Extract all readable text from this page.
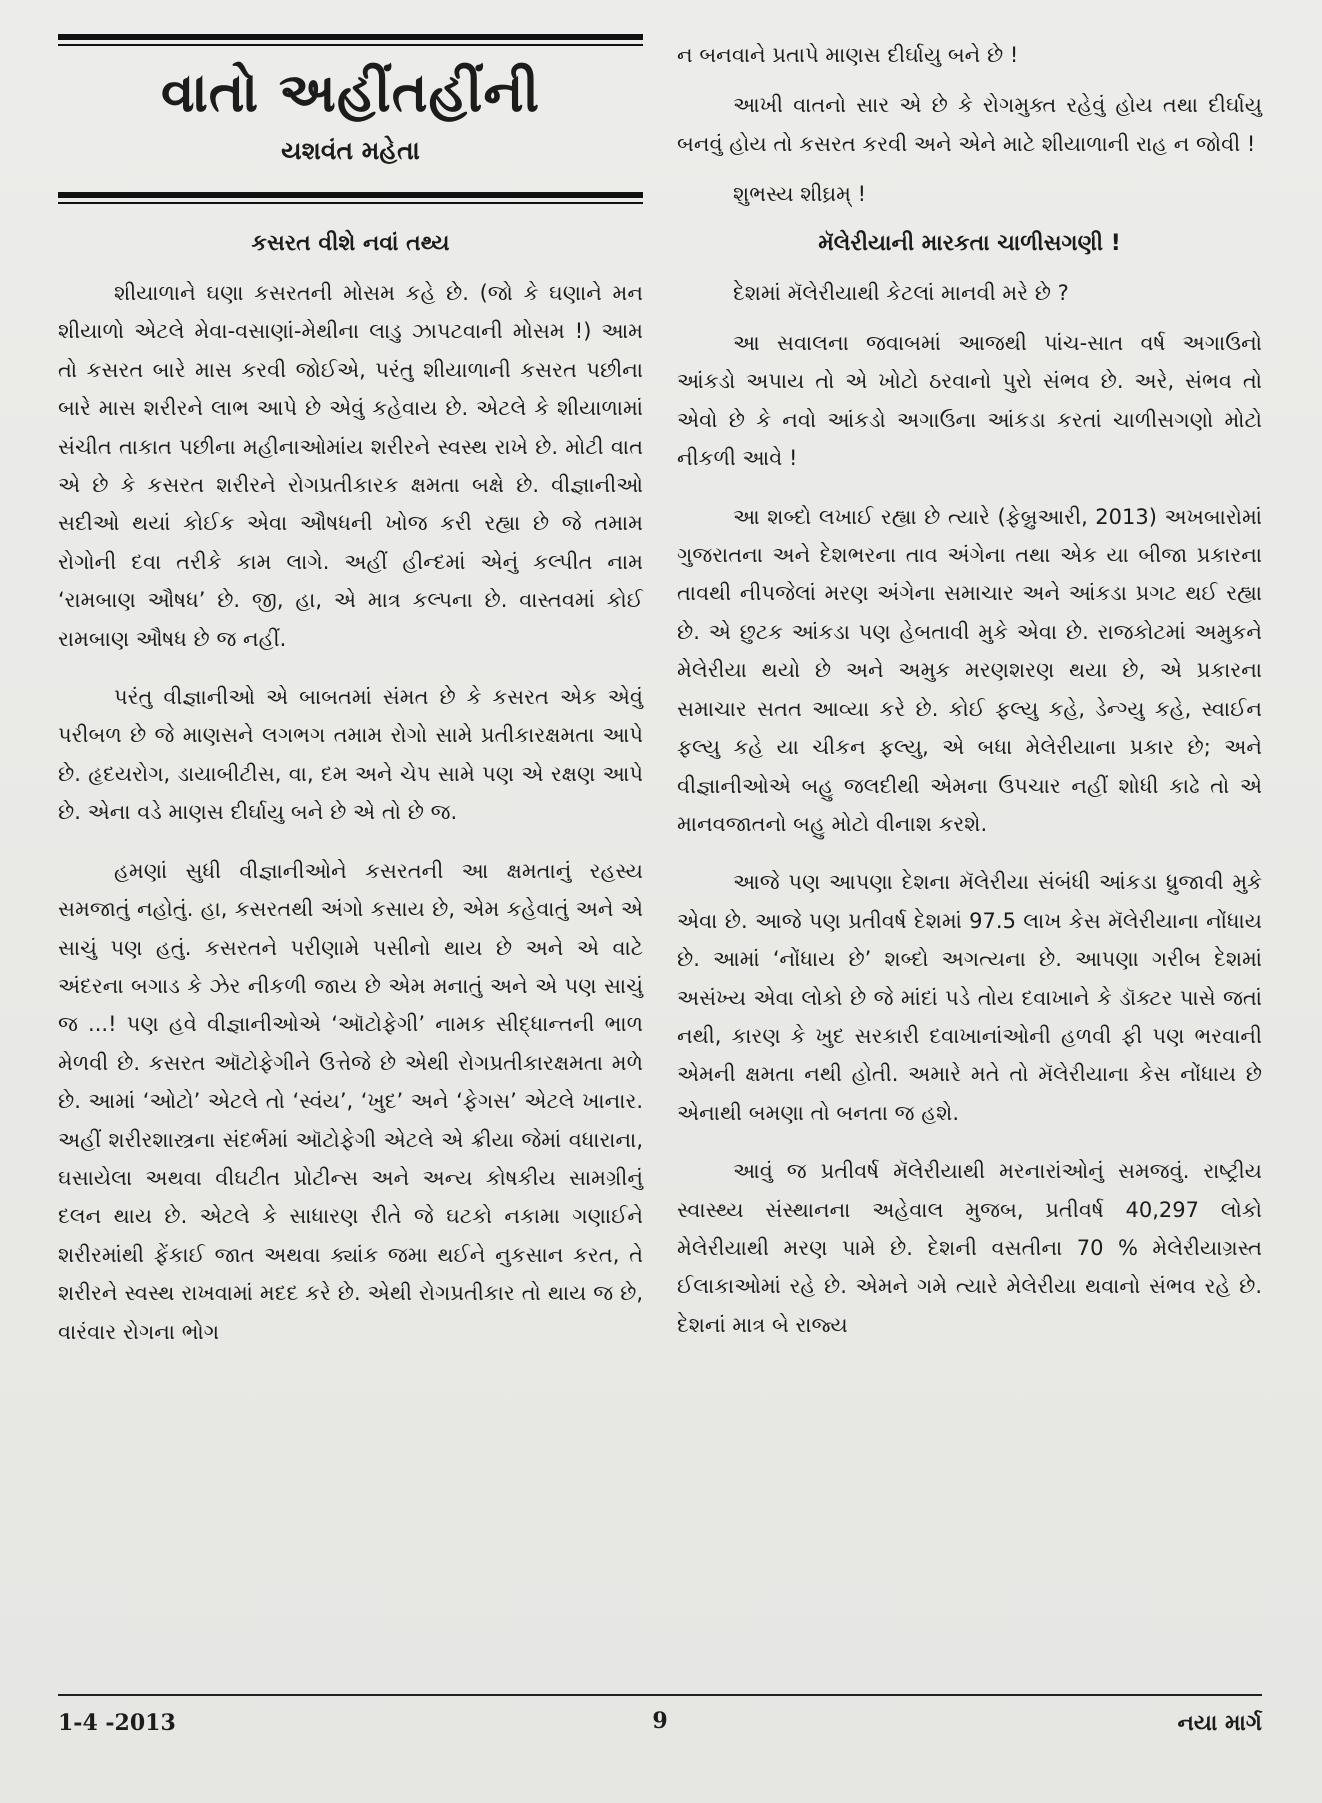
વાતો અહીંતહીંની
યશવંત મહેતા
કસરત વીશે નવાં તથ્ય

શીયાળાને ઘણા કસરતની મોસમ કહે છે. (જો કે ઘણાને મન શીયાળો એટલે મેવા-વસાણાં-મેથીના લાડુ ઝાપટવાની મોસમ !) આમ તો કસરત બારે માસ કરવી જોઈએ, પરંતુ શીયાળાની કસરત પછીના બારે માસ શરીરને લાભ આપે છે એવું કહેવાય છે. એટલે કે શીયાળામાં સંચીત તાકાત પછીના મહીનાઓમાંય શરીરને સ્વસ્થ રાખે છે. મોટી વાત એ છે કે કસરત શરીરને રોગપ્રતીકારક ક્ષમતા બક્ષે છે. વીજ્ઞાનીઓ સદીઓ થયાં કોઈક એવા ઔષધની ખોજ કરી રહ્યા છે જે તમામ રોગોની દવા તરીકે કામ લાગે. અહીં હીન્દમાં એનું કલ્પીત નામ ‘રામબાણ ઔષધ’ છે. જી, હા, એ માત્ર કલ્પના છે. વાસ્તવમાં કોઈ રામબાણ ઔષધ છે જ નહીં.

પરંતુ વીજ્ઞાનીઓ એ બાબતમાં સંમત છે કે કસરત એક એવું પરીબળ છે જે માણસને લગભગ તમામ રોગો સામે પ્રતીકારક્ષમતા આપે છે. હૃદયરોગ, ડાયાબીટીસ, વા, દમ અને ચેપ સામે પણ એ રક્ષણ આપે છે. એના વડે માણસ દીર્ઘાયુ બને છે એ તો છે જ.

હમણાં સુધી વીજ્ઞાનીઓને કસરતની આ ક્ષમતાનું રહસ્ય સમજાતું નહોતું. હા, કસરતથી અંગો કસાય છે, એમ કહેવાતું અને એ સાચું પણ હતું. કસરતને પરીણામે પસીનો થાય છે અને એ વાટે અંદરના બગાડ કે ઝેર નીકળી જાય છે એમ મનાતું અને એ પણ સાચું જ ...! પણ હવે વીજ્ઞાનીઓએ ‘ઑટોફેગી’ નામક સીદ્ધાન્તની ભાળ મેળવી છે. કસરત ઑટોફેગીને ઉત્તેજે છે એથી રોગપ્રતીકારક્ષમતા મળે છે. આમાં ‘ઓટો’ એટલે તો ‘સ્વંય’, ‘ખુદ’ અને ‘ફેગસ’ એટલે ખાનાર. અહીં શરીરશાસ્ત્રના સંદર્ભમાં ઑટોફેગી એટલે એ ક્રીયા જેમાં વધારાના, ઘસાયેલા અથવા વીઘટીત પ્રોટીન્સ અને અન્ય કોષકીય સામગ્રીનું દલન થાય છે. એટલે કે સાધારણ રીતે જે ઘટકો નકામા ગણાઈને શરીરમાંથી ફેંકાઈ જાત અથવા ક્યાંક જમા થઈને નુકસાન કરત, તે શરીરને સ્વસ્થ રાખવામાં મદદ કરે છે. એથી રોગપ્રતીકાર તો થાય જ છે, વારંવાર રોગના ભોગ

ન બનવાને પ્રતાપે માણસ દીર્ઘાયુ બને છે !

આખી વાતનો સાર એ છે કે રોગમુક્ત રહેવું હોય તથા દીર્ઘાયુ બનવું હોય તો કસરત કરવી અને એને માટે શીયાળાની રાહ ન જોવી !

શુભસ્ય શીઘ્રમ્ !

મૅલેરીયાની મારકતા ચાળીસગણી !

દેશમાં મૅલેરીયાથી કેટલાં માનવી મરે છે ?

આ સવાલના જવાબમાં આજથી પાંચ-સાત વર્ષ અગાઉનો આંકડો અપાય તો એ ખોટો ઠરવાનો પુરો સંભવ છે. અરે, સંભવ તો એવો છે કે નવો આંકડો અગાઉના આંકડા કરતાં ચાળીસગણો મોટો નીકળી આવે !

આ શબ્દો લખાઈ રહ્યા છે ત્યારે (ફેબ્રુઆરી, 2013) અખબારોમાં ગુજરાતના અને દેશભરના તાવ અંગેના તથા એક યા બીજા પ્રકારના તાવથી નીપજેલાં મરણ અંગેના સમાચાર અને આંકડા પ્રગટ થઈ રહ્યા છે. એ છુટક આંકડા પણ હેબતાવી મુકે એવા છે. રાજકોટમાં અમુકને મેલેરીયા થયો છે અને અમુક મરણશરણ થયા છે, એ પ્રકારના સમાચાર સતત આવ્યા કરે છે. કોઈ ફલ્યુ કહે, ડેન્ગ્યુ કહે, સ્વાઈન ફલ્યુ કહે યા ચીકન ફલ્યુ, એ બધા મેલેરીયાના પ્રકાર છે; અને વીજ્ઞાનીઓએ બહુ જલદીથી એમના ઉપચાર નહીં શોધી કાઢે તો એ માનવજાતનો બહુ મોટો વીનાશ કરશે.

આજે પણ આપણા દેશના મૅલેરીયા સંબંધી આંકડા ધ્રુજાવી મુકે એવા છે. આજે પણ પ્રતીવર્ષ દેશમાં 97.5 લાખ કેસ મૅલેરીયાના નોંધાય છે. આમાં ‘નોંધાય છે’ શબ્દો અગત્યના છે. આપણા ગરીબ દેશમાં અસંખ્ય એવા લોકો છે જે માંદાં પડે તોય દવાખાને કે ડૉક્ટર પાસે જતાં નથી, કારણ કે ખુદ સરકારી દવાખાનાંઓની હળવી ફી પણ ભરવાની એમની ક્ષમતા નથી હોતી. અમારે મતે તો મૅલેરીયાના કેસ નોંધાય છે એનાથી બમણા તો બનતા જ હશે.

આવું જ પ્રતીવર્ષ મૅલેરીયાથી મરનારાંઓનું સમજવું. રાષ્ટ્રીય સ્વાસ્થ્ય સંસ્થાનના અહેવાલ મુજબ, પ્રતીવર્ષ 40,297 લોકો મેલેરીયાથી મરણ પામે છે. દેશની વસતીના 70 % મેલેરીયાગ્રસ્ત ઈલાકાઓમાં રહે છે. એમને ગમે ત્યારે મેલેરીયા થવાનો સંભવ રહે છે. દેશનાં માત્ર બે રાજ્ય

1-4 -2013	9	નયા માર્ગ
